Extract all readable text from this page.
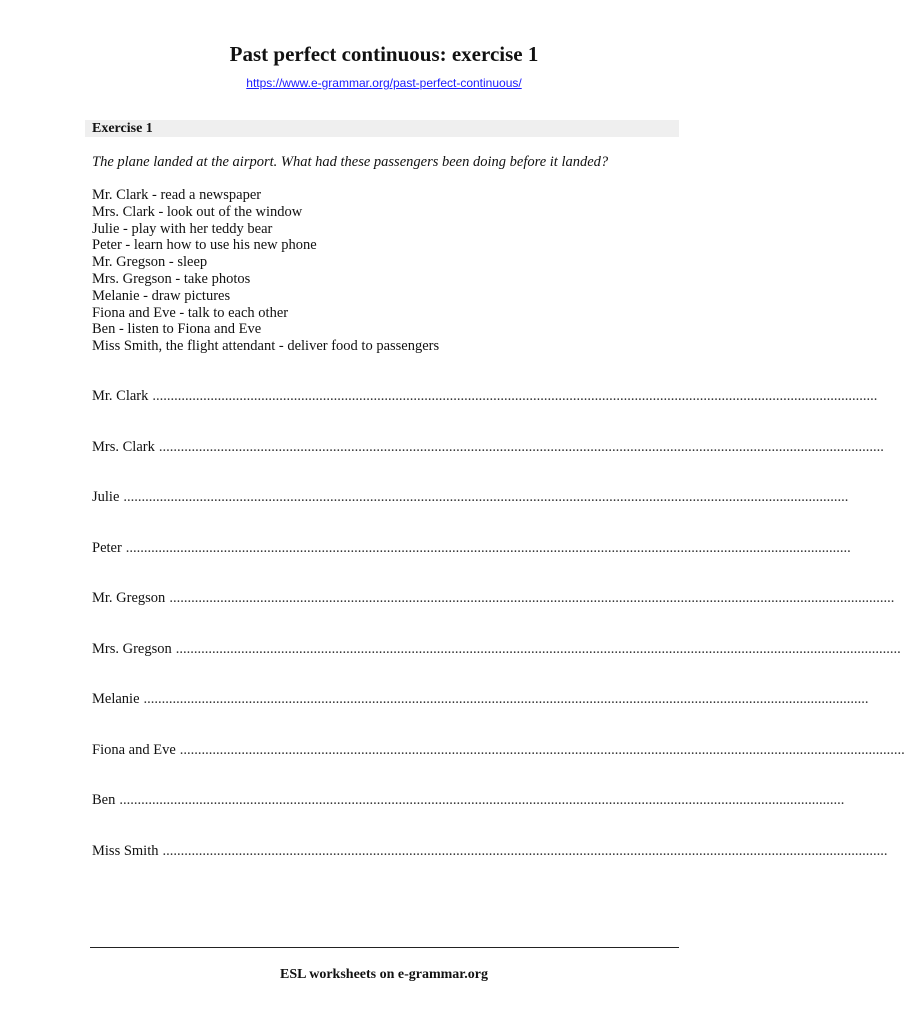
Past perfect continuous: exercise 1
https://www.e-grammar.org/past-perfect-continuous/
Exercise 1
The plane landed at the airport. What had these passengers been doing before it landed?
Mr. Clark - read a newspaper
Mrs. Clark - look out of the window
Julie - play with her teddy bear
Peter - learn how to use his new phone
Mr. Gregson - sleep
Mrs. Gregson - take photos
Melanie - draw pictures
Fiona and Eve - talk to each other
Ben - listen to Fiona and Eve
Miss Smith, the flight attendant - deliver food to passengers
Mr. Clark ........................................................................................................................................................................................................
Mrs. Clark ........................................................................................................................................................................................................
Julie ........................................................................................................................................................................................................
Peter ........................................................................................................................................................................................................
Mr. Gregson ........................................................................................................................................................................................................
Mrs. Gregson ........................................................................................................................................................................................................
Melanie ........................................................................................................................................................................................................
Fiona and Eve ........................................................................................................................................................................................................
Ben ........................................................................................................................................................................................................
Miss Smith ........................................................................................................................................................................................................
ESL worksheets on e-grammar.org
